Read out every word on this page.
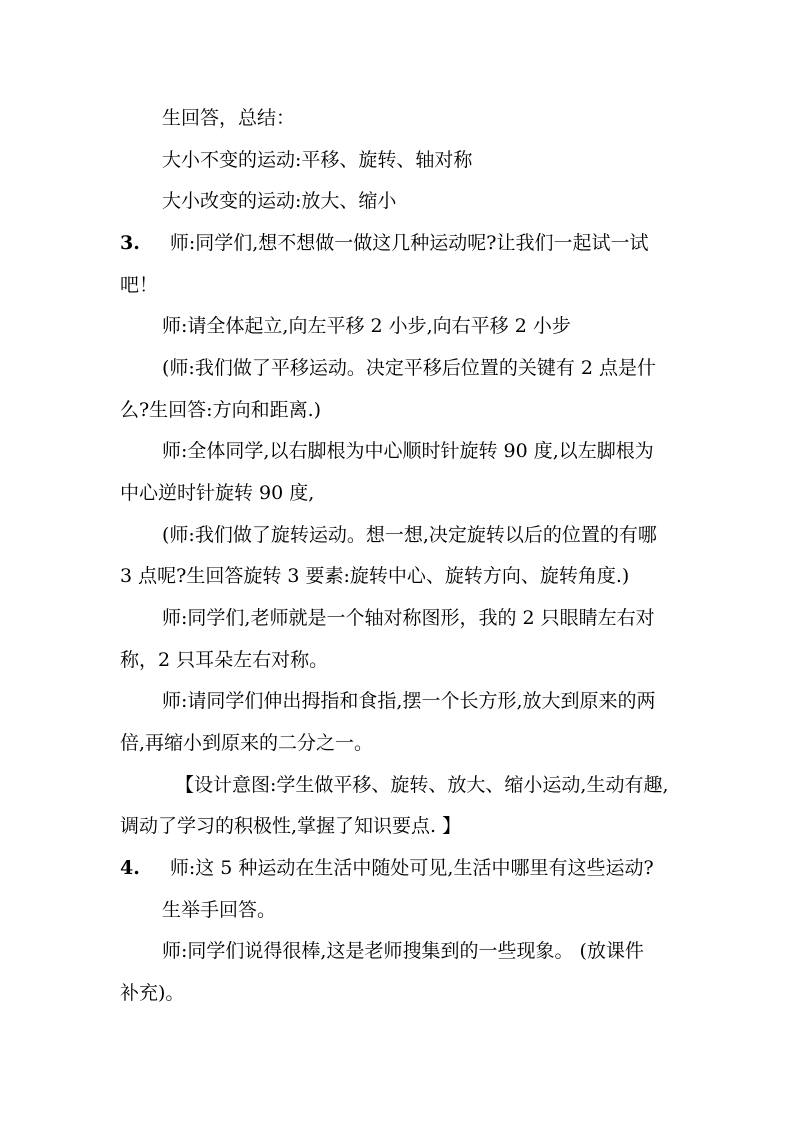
生回答，总结：

大小不变的运动:平移、旋转、轴对称

大小改变的运动:放大、缩小

3. 师:同学们,想不想做一做这几种运动呢?让我们一起试一试

吧！

师:请全体起立,向左平移 2 小步,向右平移 2 小步

(师:我们做了平移运动。决定平移后位置的关键有 2 点是什

么?生回答:方向和距离.)

师:全体同学,以右脚根为中心顺时针旋转 90 度,以左脚根为

中心逆时针旋转 90 度,

(师:我们做了旋转运动。想一想,决定旋转以后的位置的有哪

3 点呢?生回答旋转 3 要素:旋转中心、旋转方向、旋转角度.)

师:同学们,老师就是一个轴对称图形，我的 2 只眼睛左右对

称，2 只耳朵左右对称。

师:请同学们伸出拇指和食指,摆一个长方形,放大到原来的两

倍,再缩小到原来的二分之一。

【设计意图:学生做平移、旋转、放大、缩小运动,生动有趣,

调动了学习的积极性,掌握了知识要点. 】

4. 师:这 5 种运动在生活中随处可见,生活中哪里有这些运动?

生举手回答。

师:同学们说得很棒,这是老师搜集到的一些现象。 (放课件

补充)。
